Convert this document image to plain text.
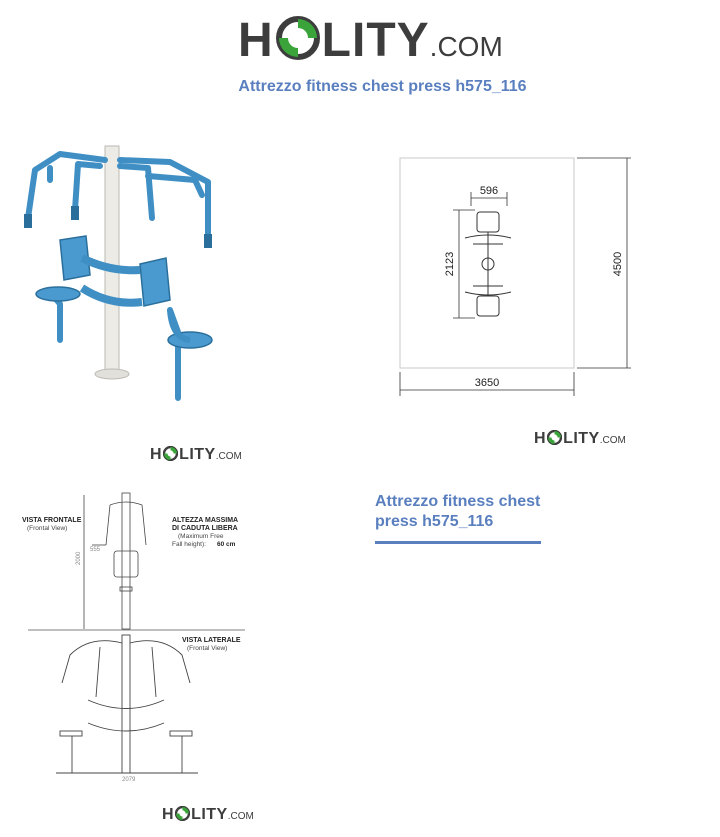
H LITY .COM
Attrezzo fitness chest press h575_116
596
2123	4500
3650
H LITY .COM
H LITY .COM
VISTA FRONTALE
(Frontal View)
ALTEZZA MASSIMA
DI CADUTA LIBERA
(Maximum Free
Fall height): 60 cm
555
2000
VISTA LATERALE
(Frontal View)
2079
H LITY .COM
Attrezzo fitness chest press h575_116
